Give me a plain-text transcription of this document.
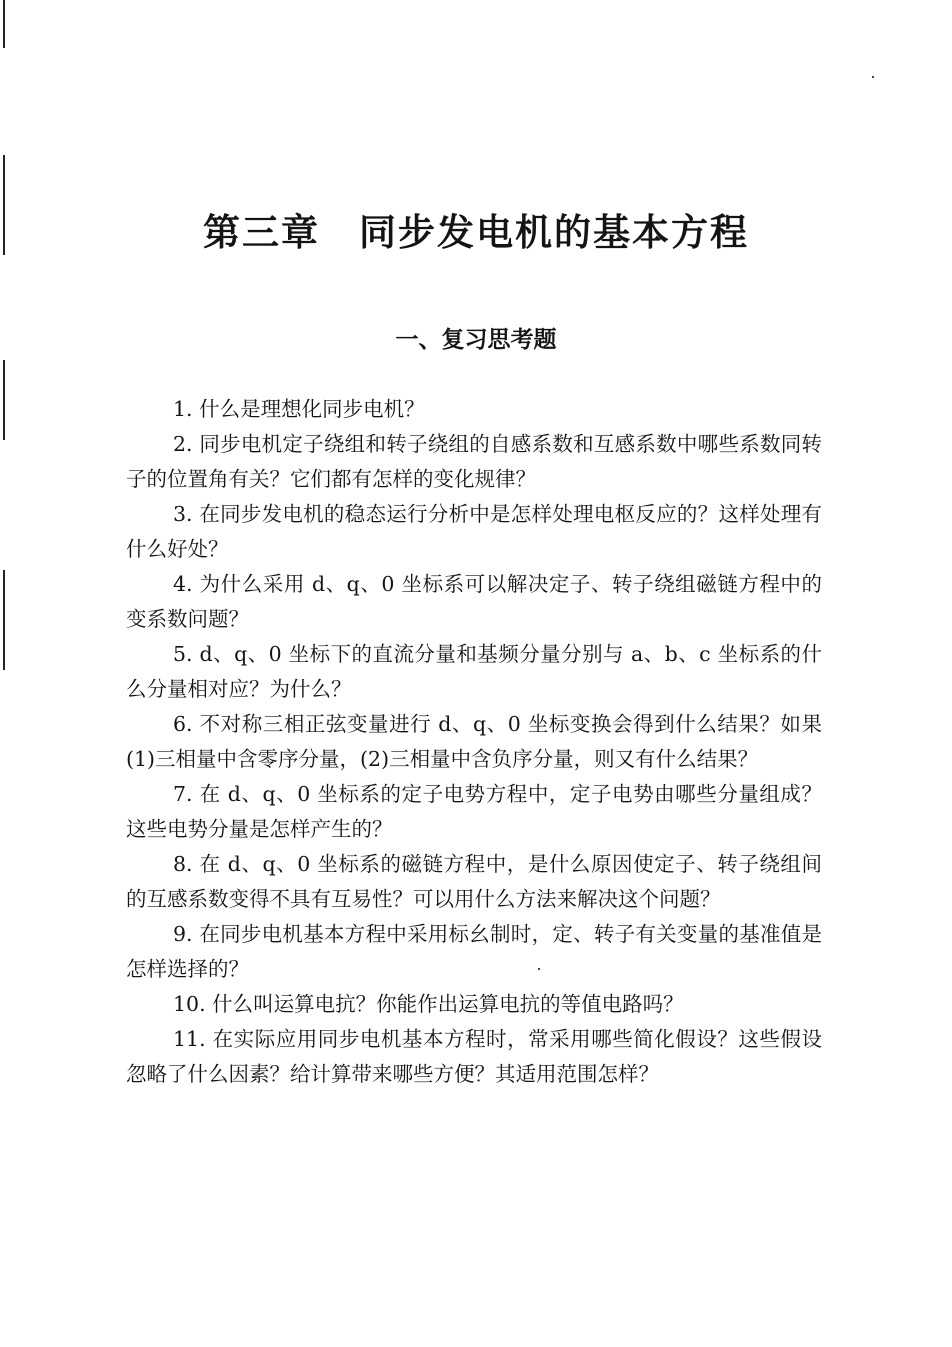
第三章　同步发电机的基本方程
一、复习思考题
1. 什么是理想化同步电机？
2. 同步电机定子绕组和转子绕组的自感系数和互感系数中哪些系数同转子的位置角有关？它们都有怎样的变化规律？
3. 在同步发电机的稳态运行分析中是怎样处理电枢反应的？这样处理有什么好处？
4. 为什么采用 d、q、0 坐标系可以解决定子、转子绕组磁链方程中的变系数问题？
5. d、q、0 坐标下的直流分量和基频分量分别与 a、b、c 坐标系的什么分量相对应？为什么？
6. 不对称三相正弦变量进行 d、q、0 坐标变换会得到什么结果？如果(1)三相量中含零序分量，(2)三相量中含负序分量，则又有什么结果？
7. 在 d、q、0 坐标系的定子电势方程中，定子电势由哪些分量组成？这些电势分量是怎样产生的？
8. 在 d、q、0 坐标系的磁链方程中，是什么原因使定子、转子绕组间的互感系数变得不具有互易性？可以用什么方法来解决这个问题？
9. 在同步电机基本方程中采用标幺制时，定、转子有关变量的基准值是怎样选择的？
10. 什么叫运算电抗？你能作出运算电抗的等值电路吗？
11. 在实际应用同步电机基本方程时，常采用哪些简化假设？这些假设忽略了什么因素？给计算带来哪些方便？其适用范围怎样？
